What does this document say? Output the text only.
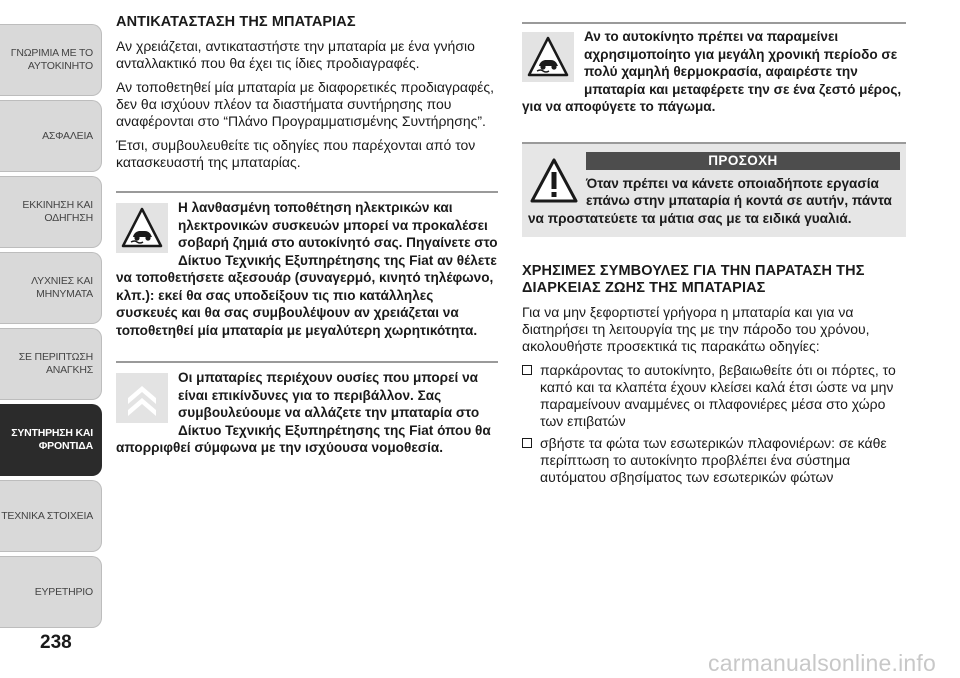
ΓΝΩΡΙΜΙΑ ΜΕ ΤΟ
ΑΥΤΟΚΙΝΗΤΟ
ΑΣΦΑΛΕΙΑ
ΕΚΚΙΝΗΣΗ ΚΑΙ
ΟΔΗΓΗΣΗ
ΛΥΧΝΙΕΣ ΚΑΙ
ΜΗΝΥΜΑΤΑ
ΣΕ ΠΕΡΙΠΤΩΣΗ
ΑΝΑΓΚΗΣ
ΣΥΝΤΗΡΗΣΗ ΚΑΙ
ΦΡΟΝΤΙΔΑ
ΤΕΧΝΙΚΑ ΣΤΟΙΧΕΙΑ
ΕΥΡΕΤΗΡΙΟ
238
ΑΝΤΙΚΑΤΑΣΤΑΣΗ ΤΗΣ ΜΠΑΤΑΡΙΑΣ

Αν χρειάζεται, αντικαταστήστε την μπαταρία με ένα γνήσιο ανταλλακτικό που θα έχει τις ίδιες προδιαγραφές.

Αν τοποθετηθεί μία μπαταρία με διαφορετικές προδιαγραφές, δεν θα ισχύουν πλέον τα διαστήματα συντήρησης που αναφέρονται στο “Πλάνο Προγραμματισμένης Συντήρησης”.

Έτσι, συμβουλευθείτε τις οδηγίες που παρέχονται από τον κατασκευαστή της μπαταρίας.

Η λανθασμένη τοποθέτηση ηλεκτρικών και ηλεκτρονικών συσκευών μπορεί να προκαλέσει σοβαρή ζημιά στο αυτοκίνητό σας. Πηγαίνετε στο Δίκτυο Τεχνικής Εξυπηρέτησης της Fiat αν θέλετε να τοποθετήσετε αξεσουάρ (συναγερμό, κινητό τηλέφωνο, κλπ.): εκεί θα σας υποδείξουν τις πιο κατάλληλες συσκευές και θα σας συμβουλέψουν αν χρειάζεται να τοποθετηθεί μία μπαταρία με μεγαλύτερη χωρητικότητα.
Οι μπαταρίες περιέχουν ουσίες που μπορεί να είναι επικίνδυνες για το περιβάλλον. Σας συμβουλεύουμε να αλλάζετε την μπαταρία στο Δίκτυο Τεχνικής Εξυπηρέτησης της Fiat όπου θα απορριφθεί σύμφωνα με την ισχύουσα νομοθεσία.
Αν το αυτοκίνητο πρέπει να παραμείνει αχρησιμοποίητο για μεγάλη χρονική περίοδο σε πολύ χαμηλή θερμοκρασία, αφαιρέστε την μπαταρία και μεταφέρετε την σε ένα ζεστό μέρος, για να αποφύγετε το πάγωμα.
ΠΡΟΣΟΧΗ
Όταν πρέπει να κάνετε οποιαδήποτε εργασία επάνω στην μπαταρία ή κοντά σε αυτήν, πάντα να προστατεύετε τα μάτια σας με τα ειδικά γυαλιά.
ΧΡΗΣΙΜΕΣ ΣΥΜΒΟΥΛΕΣ ΓΙΑ ΤΗΝ ΠΑΡΑΤΑΣΗ ΤΗΣ ΔΙΑΡΚΕΙΑΣ ΖΩΗΣ ΤΗΣ ΜΠΑΤΑΡΙΑΣ

Για να μην ξεφορτιστεί γρήγορα η μπαταρία και για να διατηρήσει τη λειτουργία της με την πάροδο του χρόνου, ακολουθήστε προσεκτικά τις παρακάτω οδηγίες:

παρκάροντας το αυτοκίνητο, βεβαιωθείτε ότι οι πόρτες, το καπό και τα κλαπέτα έχουν κλείσει καλά έτσι ώστε να μην παραμείνουν αναμμένες οι πλαφονιέρες μέσα στο χώρο των επιβατών
σβήστε τα φώτα των εσωτερικών πλαφονιέρων: σε κάθε περίπτωση το αυτοκίνητο προβλέπει ένα σύστημα αυτόματου σβησίματος των εσωτερικών φώτων
carmanualsonline.info
